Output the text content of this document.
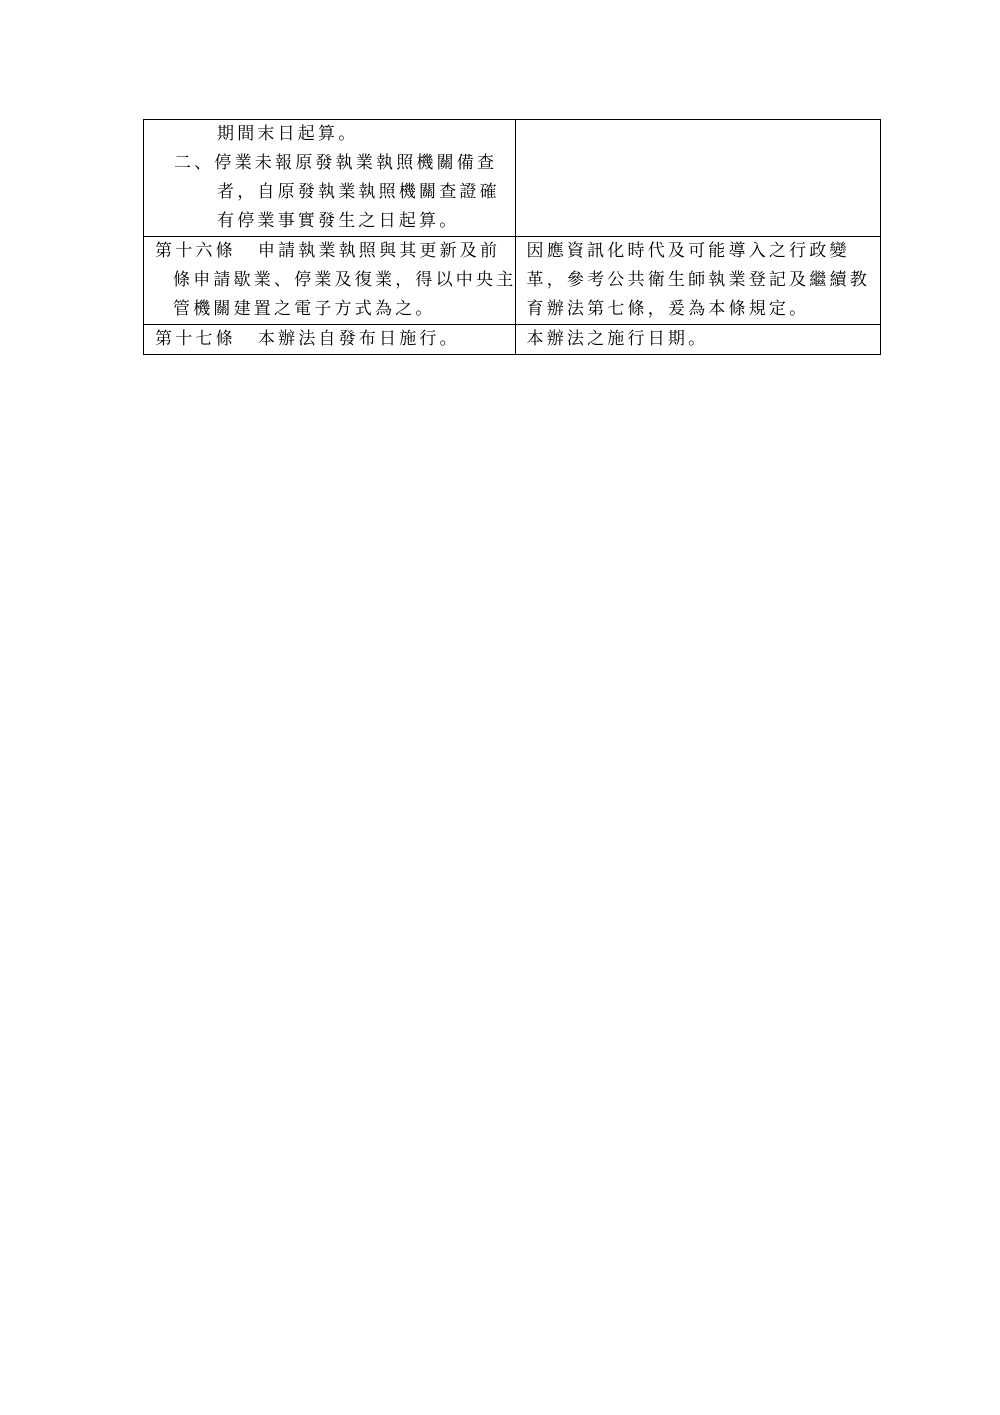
期間末日起算。
二、停業未報原發執業執照機關備查
者，自原發執業執照機關查證確
有停業事實發生之日起算。	

第十六條 申請執業執照與其更新及前
條申請歇業、停業及復業，得以中央主
管機關建置之電子方式為之。	因應資訊化時代及可能導入之行政變
革，參考公共衛生師執業登記及繼續教
育辦法第七條，爰為本條規定。

第十七條 本辦法自發布日施行。	本辦法之施行日期。
